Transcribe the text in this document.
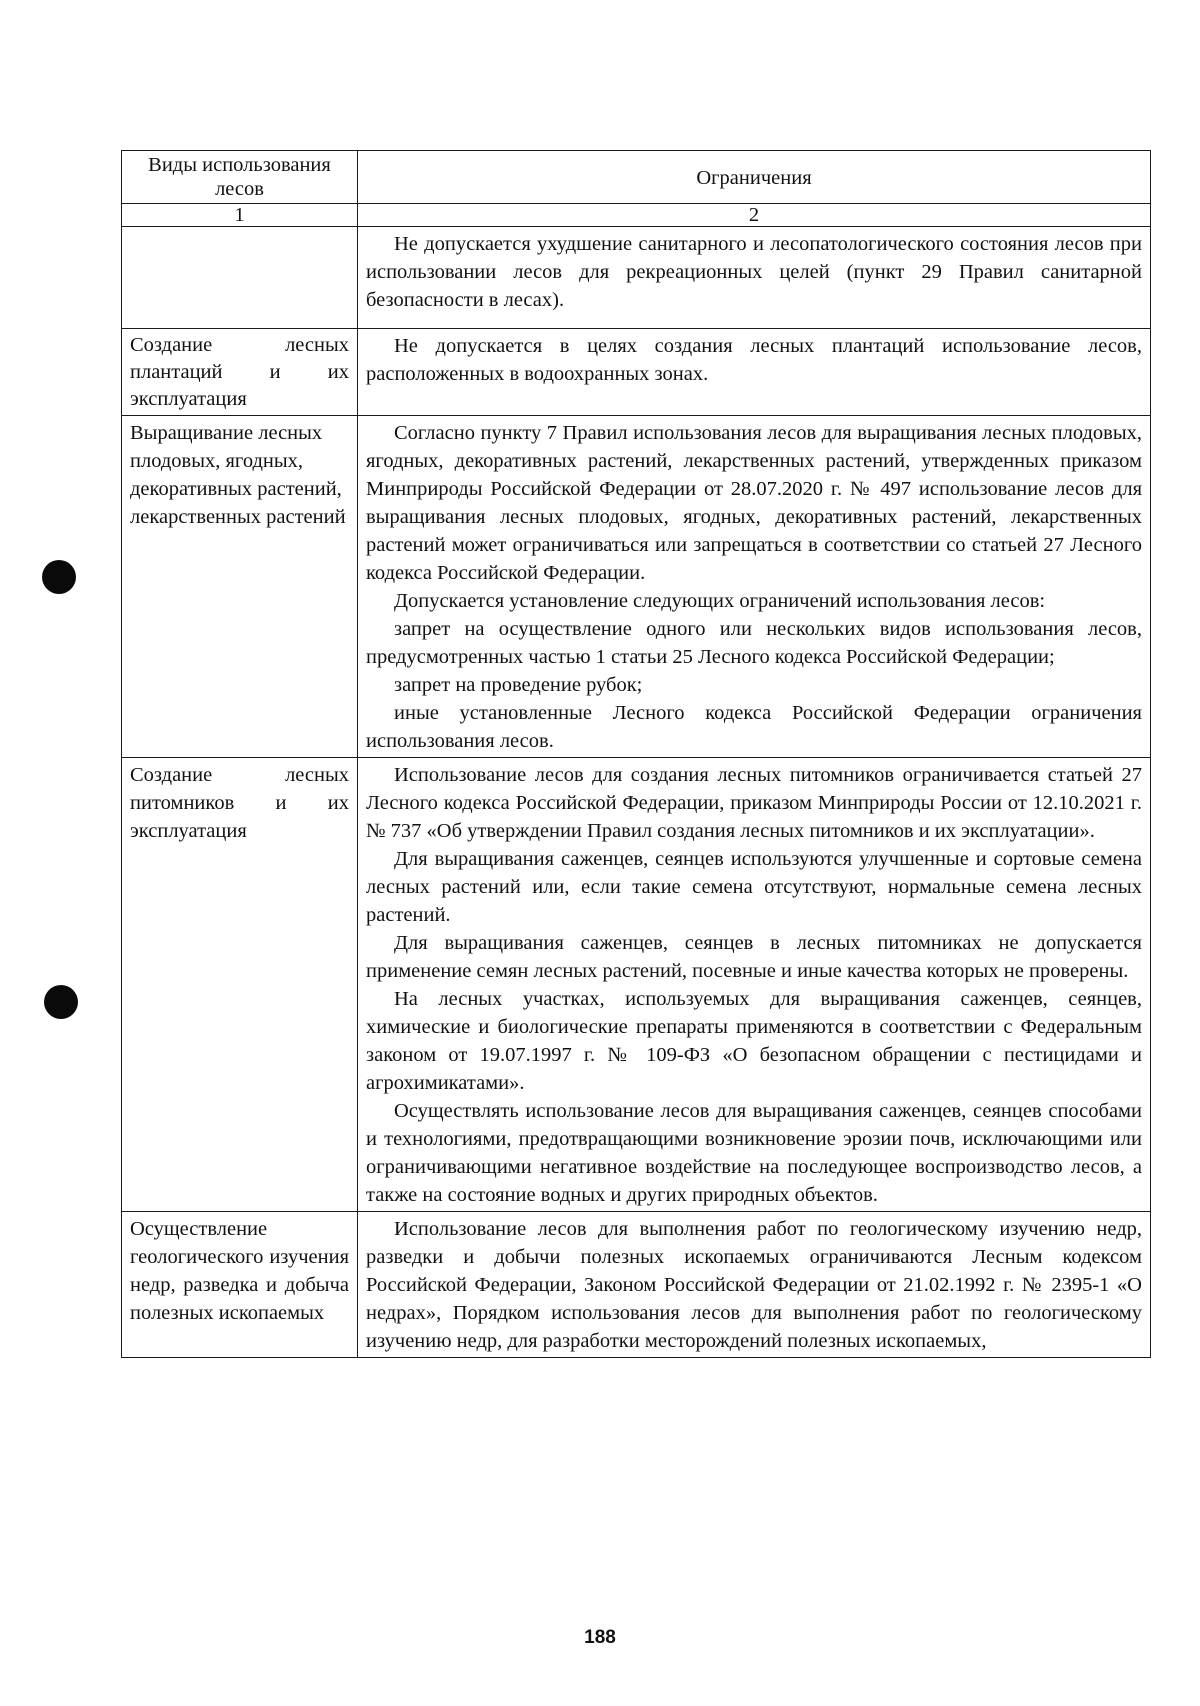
Виды использования лесов	Ограничения
1	2

	Не допускается ухудшение санитарного и лесопатологического состояния лесов при использовании лесов для рекреационных целей (пункт 29 Правил санитарной безопасности в лесах).

Создание лесных плантаций и их эксплуатация	Не допускается в целях создания лесных плантаций использование лесов, расположенных в водоохранных зонах.

Выращивание лесных плодовых, ягодных, декоративных растений, лекарственных растений	Согласно пункту 7 Правил использования лесов для выращивания лесных плодовых, ягодных, декоративных растений, лекарственных растений, утвержденных приказом Минприроды Российской Федерации от 28.07.2020 г. № 497 использование лесов для выращивания лесных плодовых, ягодных, декоративных растений, лекарственных растений может ограничиваться или запрещаться в соответствии со статьей 27 Лесного кодекса Российской Федерации.

Допускается установление следующих ограничений использования лесов:

запрет на осуществление одного или нескольких видов использования лесов, предусмотренных частью 1 статьи 25 Лесного кодекса Российской Федерации;

запрет на проведение рубок;

иные установленные Лесного кодекса Российской Федерации ограничения использования лесов.

Создание лесных питомников и их эксплуатация	Использование лесов для создания лесных питомников ограничивается статьей 27 Лесного кодекса Российской Федерации, приказом Минприроды России от 12.10.2021 г. № 737 «Об утверждении Правил создания лесных питомников и их эксплуатации».

Для выращивания саженцев, сеянцев используются улучшенные и сортовые семена лесных растений или, если такие семена отсутствуют, нормальные семена лесных растений.

Для выращивания саженцев, сеянцев в лесных питомниках не допускается применение семян лесных растений, посевные и иные качества которых не проверены.

На лесных участках, используемых для выращивания саженцев, сеянцев, химические и биологические препараты применяются в соответствии с Федеральным законом от 19.07.1997 г. № 109-ФЗ «О безопасном обращении с пестицидами и агрохимикатами».

Осуществлять использование лесов для выращивания саженцев, сеянцев способами и технологиями, предотвращающими возникновение эрозии почв, исключающими или ограничивающими негативное воздействие на последующее воспроизводство лесов, а также на состояние водных и других природных объектов.

Осуществление геологического изучения недр, разведка и добыча полезных ископаемых	Использование лесов для выполнения работ по геологическому изучению недр, разведки и добычи полезных ископаемых ограничиваются Лесным кодексом Российской Федерации, Законом Российской Федерации от 21.02.1992 г. № 2395-1 «О недрах», Порядком использования лесов для выполнения работ по геологическому изучению недр, для разработки месторождений полезных ископаемых,

188
